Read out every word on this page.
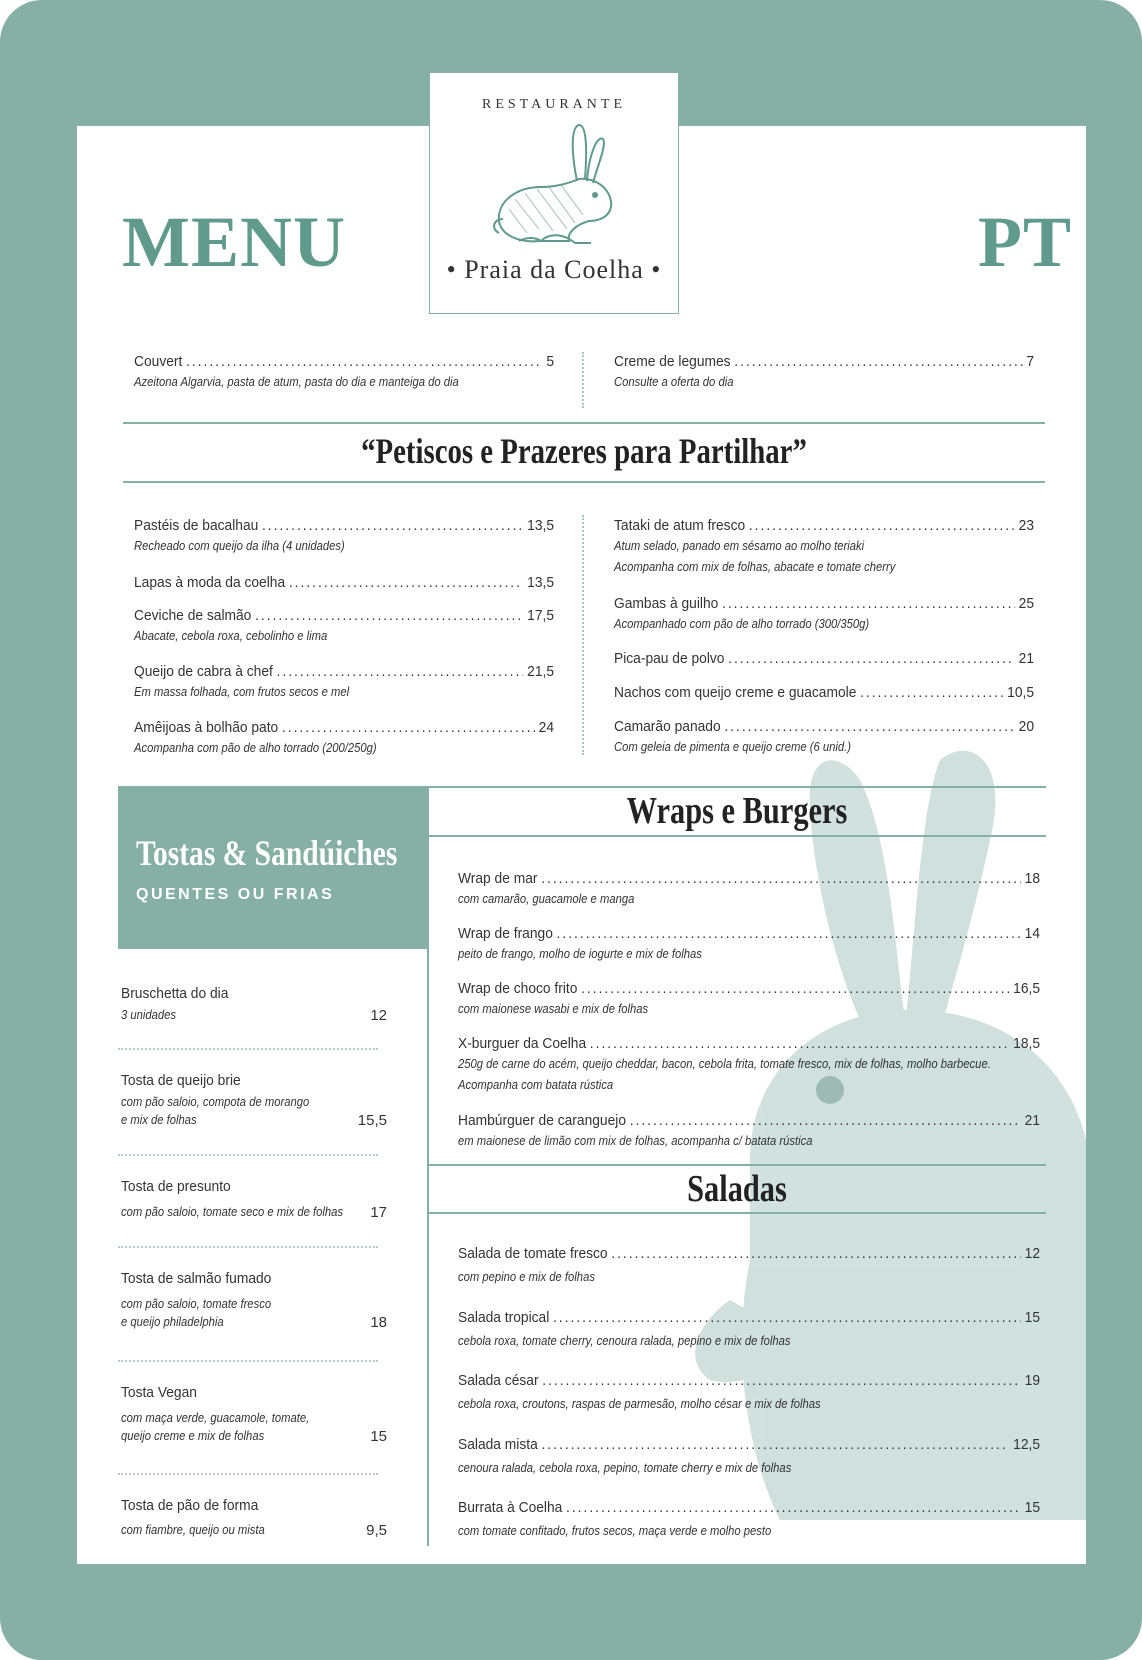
MENU	PT
RESTAURANTE
• Praia da Coelha •
Couvert . . .	5
Azeitona Algarvia, pasta de atum, pasta do dia e manteiga do dia
Creme de legumes . . .	7
Consulte a oferta do dia
“Petiscos e Prazeres para Partilhar”
Pastéis de bacalhau . . .	13,5
Recheado com queijo da ilha (4 unidades)
Lapas à moda da coelha . . .	13,5
Ceviche de salmão . . .	17,5
Abacate, cebola roxa, cebolinho e lima
Queijo de cabra à chef . . .	21,5
Em massa folhada, com frutos secos e mel
Amêijoas à bolhão pato . . .	24
Acompanha com pão de alho torrado (200/250g)
Tataki de atum fresco . . .	23
Atum selado, panado em sésamo ao molho teriaki
Acompanha com mix de folhas, abacate e tomate cherry
Gambas à guilho . . .	25
Acompanhado com pão de alho torrado (300/350g)
Pica-pau de polvo . . .	21
Nachos com queijo creme e guacamole . . .	10,5
Camarão panado . . .	20
Com geleia de pimenta e queijo creme (6 unid.)
Tostas & Sandúiches
QUENTES OU FRIAS
Bruschetta do dia
3 unidades	12
Tosta de queijo brie
com pão saloio, compota de morango
e mix de folhas	15,5
Tosta de presunto
com pão saloio, tomate seco e mix de folhas 17
Tosta de salmão fumado
com pão saloio, tomate fresco
e queijo philadelphia	18
Tosta Vegan
com maça verde, guacamole, tomate,
queijo creme e mix de folhas	15
Tosta de pão de forma
com fiambre, queijo ou mista	9,5
Wraps e Burgers
Wrap de mar . . .	18
com camarão, guacamole e manga
Wrap de frango . . .	14
peito de frango, molho de iogurte e mix de folhas
Wrap de choco frito . . .	16,5
com maionese wasabi e mix de folhas
X-burguer da Coelha . . .	18,5
250g de carne do acém, queijo cheddar, bacon, cebola frita, tomate fresco, mix de folhas, molho barbecue.
Acompanha com batata rústica
Hambúrguer de caranguejo . . .	21
em maionese de limão com mix de folhas, acompanha c/ batata rústica
Saladas
Salada de tomate fresco . . .	12
com pepino e mix de folhas
Salada tropical . . .	15
cebola roxa, tomate cherry, cenoura ralada, pepino e mix de folhas
Salada césar . . .	19
cebola roxa, croutons, raspas de parmesão, molho césar e mix de folhas
Salada mista . . .	12,5
cenoura ralada, cebola roxa, pepino, tomate cherry e mix de folhas
Burrata à Coelha . . .	15
com tomate confitado, frutos secos, maça verde e molho pesto
